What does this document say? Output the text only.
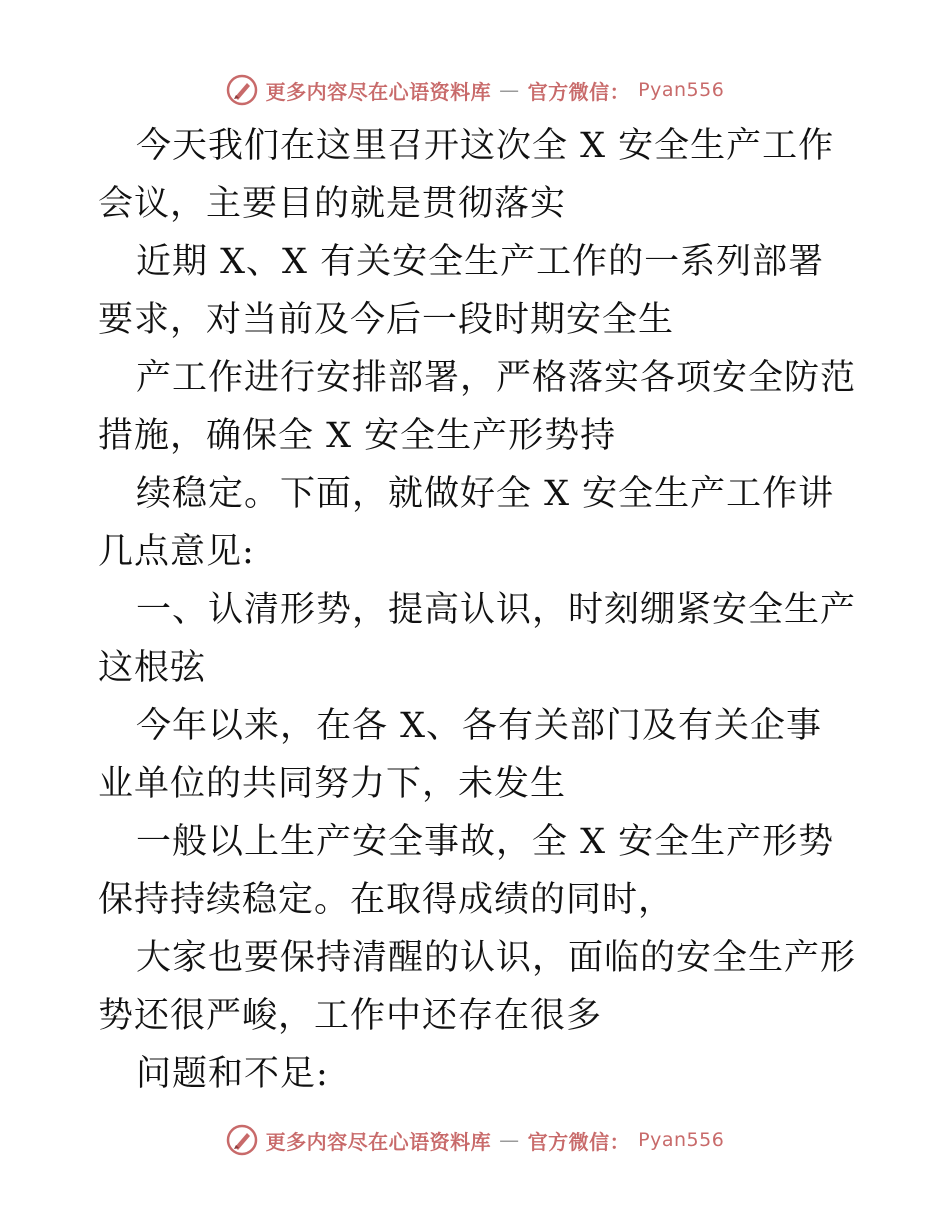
更多内容尽在心语资料库 — 官方微信： Pyan556

今天我们在这里召开这次全 X 安全生产工作会议，主要目的就是贯彻落实

近期 X、X 有关安全生产工作的一系列部署要求，对当前及今后一段时期安全生

产工作进行安排部署，严格落实各项安全防范措施，确保全 X 安全生产形势持

续稳定。下面，就做好全 X 安全生产工作讲几点意见:

一、认清形势，提高认识，时刻绷紧安全生产这根弦

今年以来，在各 X、各有关部门及有关企事业单位的共同努力下，未发生

一般以上生产安全事故，全 X 安全生产形势保持持续稳定。在取得成绩的同时，

大家也要保持清醒的认识，面临的安全生产形势还很严峻，工作中还存在很多

问题和不足:

更多内容尽在心语资料库 — 官方微信： Pyan556
